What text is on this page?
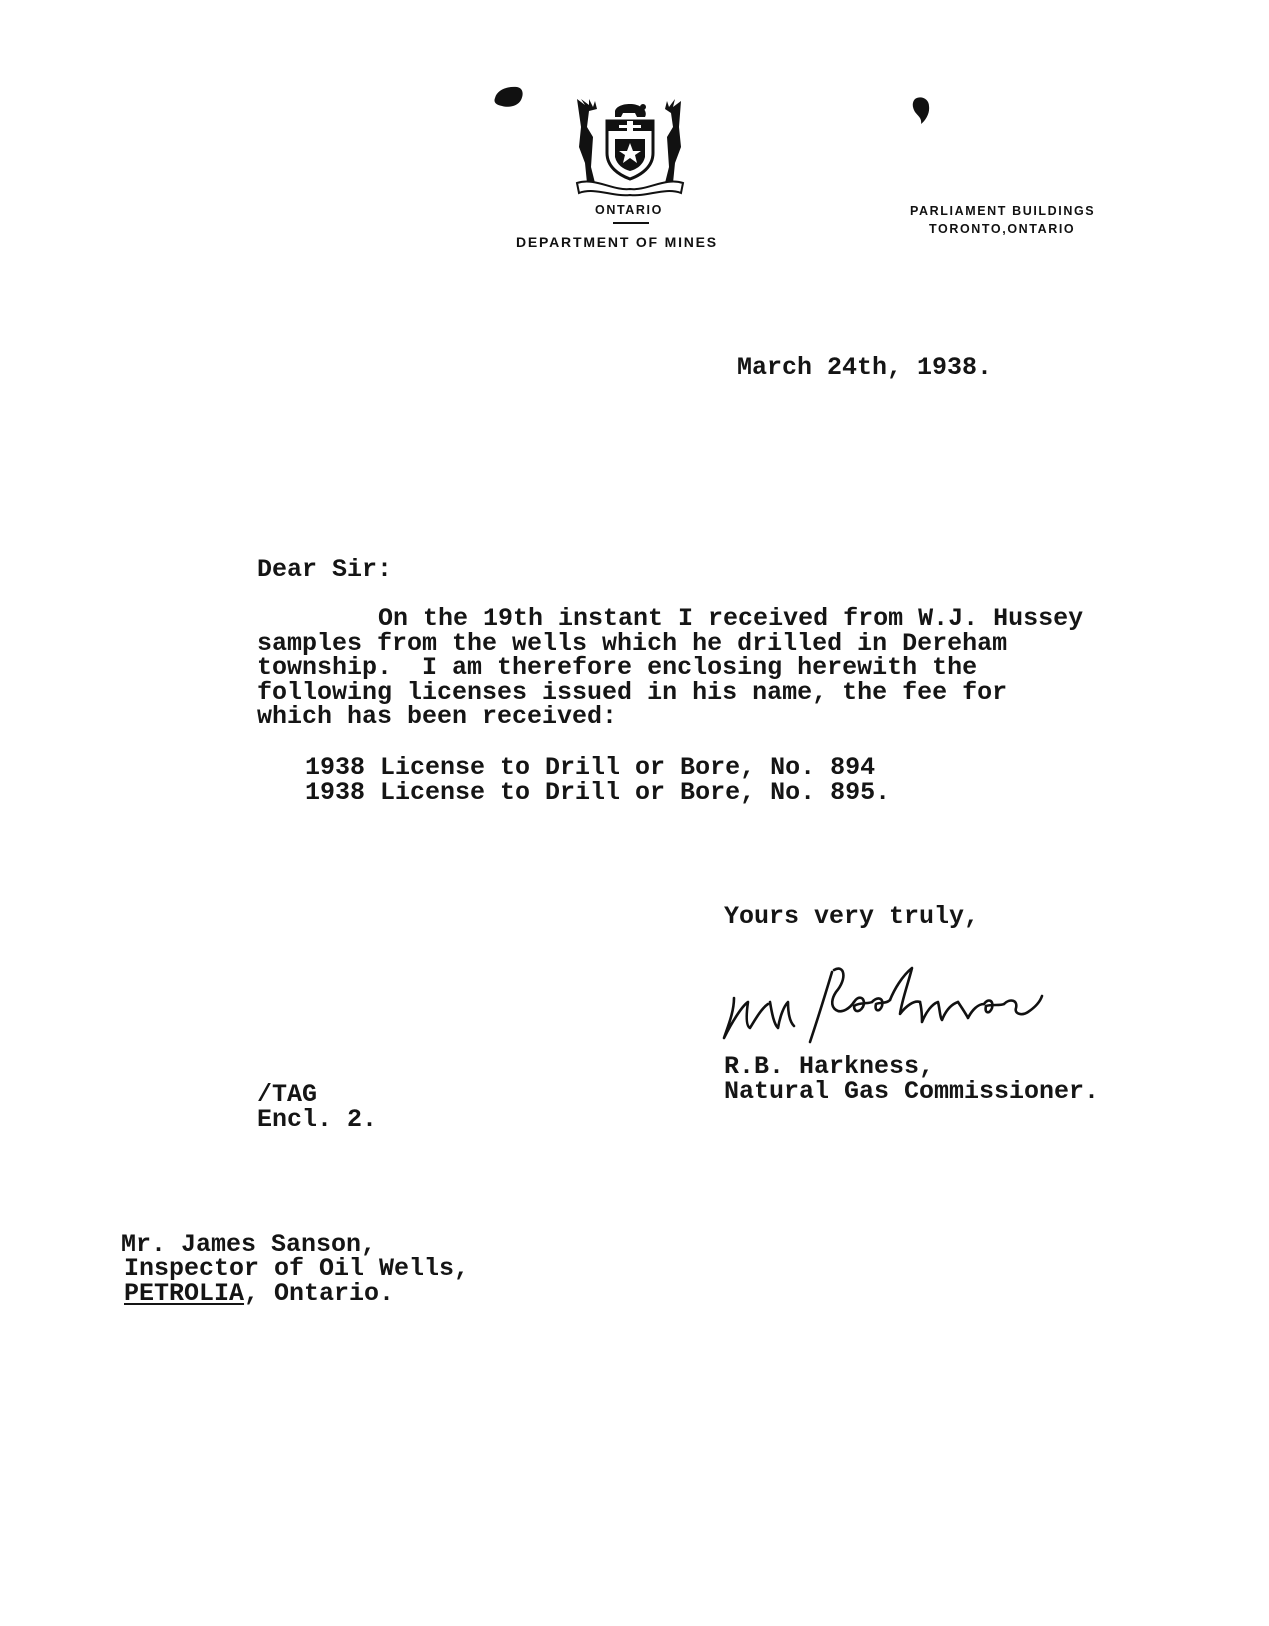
ONTARIO
DEPARTMENT OF MINES
PARLIAMENT BUILDINGS
TORONTO,ONTARIO
March 24th, 1938.
Dear Sir:
On the 19th instant I received from W.J. Hussey
samples from the wells which he drilled in Dereham
township.  I am therefore enclosing herewith the
following licenses issued in his name, the fee for
which has been received:
1938 License to Drill or Bore, No. 894
1938 License to Drill or Bore, No. 895.
Yours very truly,
R.B. Harkness,
Natural Gas Commissioner.
/TAG
Encl. 2.
Mr. James Sanson,
Inspector of Oil Wells,
PETROLIA, Ontario.
